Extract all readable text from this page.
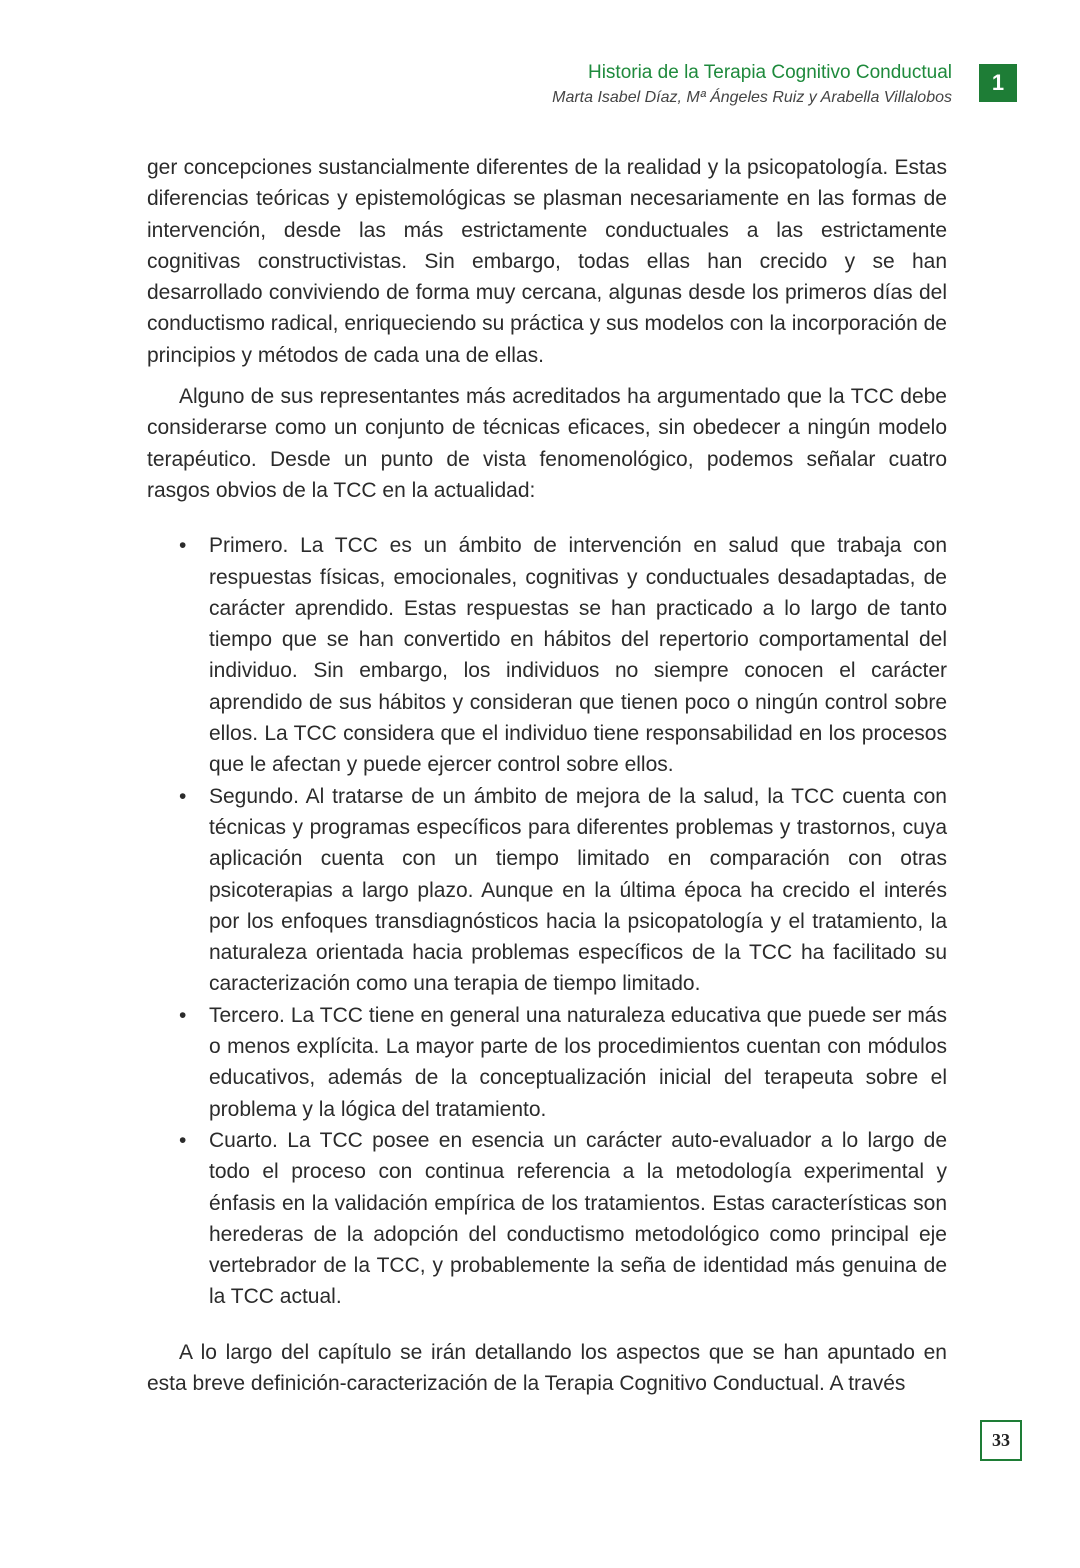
Historia de la Terapia Cognitivo Conductual
Marta Isabel Díaz, Mª Ángeles Ruiz y Arabella Villalobos
1

ger concepciones sustancialmente diferentes de la realidad y la psicopatología. Estas diferencias teóricas y epistemológicas se plasman necesariamente en las formas de intervención, desde las más estrictamente conductuales a las estrictamente cognitivas constructivistas. Sin embargo, todas ellas han crecido y se han desarrollado conviviendo de forma muy cercana, algunas desde los primeros días del conductismo radical, enriqueciendo su práctica y sus modelos con la incorporación de principios y métodos de cada una de ellas.

Alguno de sus representantes más acreditados ha argumentado que la TCC debe considerarse como un conjunto de técnicas eficaces, sin obedecer a ningún modelo terapéutico. Desde un punto de vista fenomenológico, podemos señalar cuatro rasgos obvios de la TCC en la actualidad:

• Primero. La TCC es un ámbito de intervención en salud que trabaja con respuestas físicas, emocionales, cognitivas y conductuales desadaptadas, de carácter aprendido. Estas respuestas se han practicado a lo largo de tanto tiempo que se han convertido en hábitos del repertorio comportamental del individuo. Sin embargo, los individuos no siempre conocen el carácter aprendido de sus hábitos y consideran que tienen poco o ningún control sobre ellos. La TCC considera que el individuo tiene responsabilidad en los procesos que le afectan y puede ejercer control sobre ellos.
• Segundo. Al tratarse de un ámbito de mejora de la salud, la TCC cuenta con técnicas y programas específicos para diferentes problemas y trastornos, cuya aplicación cuenta con un tiempo limitado en comparación con otras psicoterapias a largo plazo. Aunque en la última época ha crecido el interés por los enfoques transdiagnósticos hacia la psicopatología y el tratamiento, la naturaleza orientada hacia problemas específicos de la TCC ha facilitado su caracterización como una terapia de tiempo limitado.
• Tercero. La TCC tiene en general una naturaleza educativa que puede ser más o menos explícita. La mayor parte de los procedimientos cuentan con módulos educativos, además de la conceptualización inicial del terapeuta sobre el problema y la lógica del tratamiento.
• Cuarto. La TCC posee en esencia un carácter auto-evaluador a lo largo de todo el proceso con continua referencia a la metodología experimental y énfasis en la validación empírica de los tratamientos. Estas características son herederas de la adopción del conductismo metodológico como principal eje vertebrador de la TCC, y probablemente la seña de identidad más genuina de la TCC actual.

A lo largo del capítulo se irán detallando los aspectos que se han apuntado en esta breve definición-caracterización de la Terapia Cognitivo Conductual. A través

33
